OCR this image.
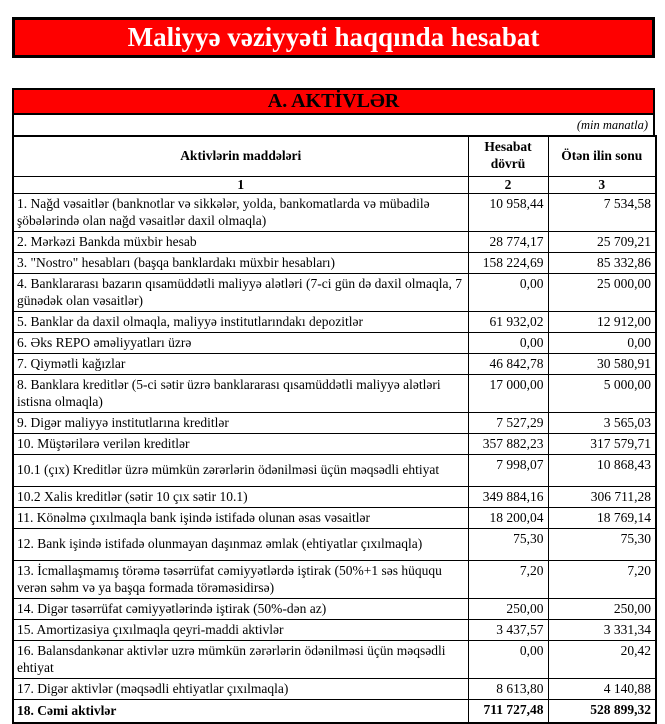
Maliyyə vəziyyəti haqqında hesabat
A. AKTİVLƏR
(min manatla)
Aktivlərin maddələri	Hesabat dövrü	Ötən ilin sonu
1	2	3
1. Nağd vəsaitlər (banknotlar və sikkələr, yolda, bankomatlarda və mübadilə şöbələrində olan nağd vəsaitlər daxil olmaqla)	10 958,44	7 534,58
2. Mərkəzi Bankda müxbir hesab	28 774,17	25 709,21
3. "Nostro" hesabları (başqa banklardakı müxbir hesabları)	158 224,69	85 332,86
4. Banklararası bazarın qısamüddətli maliyyə alətləri (7-ci gün də daxil olmaqla, 7 günədək olan vəsaitlər)	0,00	25 000,00
5. Banklar da daxil olmaqla, maliyyə institutlarındakı depozitlər	61 932,02	12 912,00
6. Əks REPO əməliyyatları üzrə	0,00	0,00
7. Qiymətli kağızlar	46 842,78	30 580,91
8. Banklara kreditlər (5-ci sətir üzrə banklararası qısamüddətli maliyyə alətləri istisna olmaqla)	17 000,00	5 000,00
9. Digər maliyyə institutlarına kreditlər	7 527,29	3 565,03
10. Müştərilərə verilən kreditlər	357 882,23	317 579,71
10.1 (çıx) Kreditlər üzrə mümkün zərərlərin ödənilməsi üçün məqsədli ehtiyat	7 998,07	10 868,43
10.2 Xalis kreditlər (sətir 10 çıx sətir 10.1)	349 884,16	306 711,28
11. Könəlmə çıxılmaqla bank işində istifadə olunan əsas vəsaitlər	18 200,04	18 769,14
12. Bank işində istifadə olunmayan daşınmaz əmlak (ehtiyatlar çıxılmaqla)	75,30	75,30
13. İcmallaşmamış törəmə təsərrüfat cəmiyyətlərdə iştirak (50%+1 səs hüququ verən səhm və ya başqa formada törəməsidirsə)	7,20	7,20
14. Digər təsərrüfat cəmiyyətlərində iştirak (50%-dən az)	250,00	250,00
15. Amortizasiya çıxılmaqla qeyri-maddi aktivlər	3 437,57	3 331,34
16. Balansdankənar aktivlər uzrə mümkün zərərlərin ödənilməsi üçün məqsədli ehtiyat	0,00	20,42
17. Digər aktivlər (məqsədli ehtiyatlar çıxılmaqla)	8 613,80	4 140,88
18. Cəmi aktivlər	711 727,48	528 899,32
